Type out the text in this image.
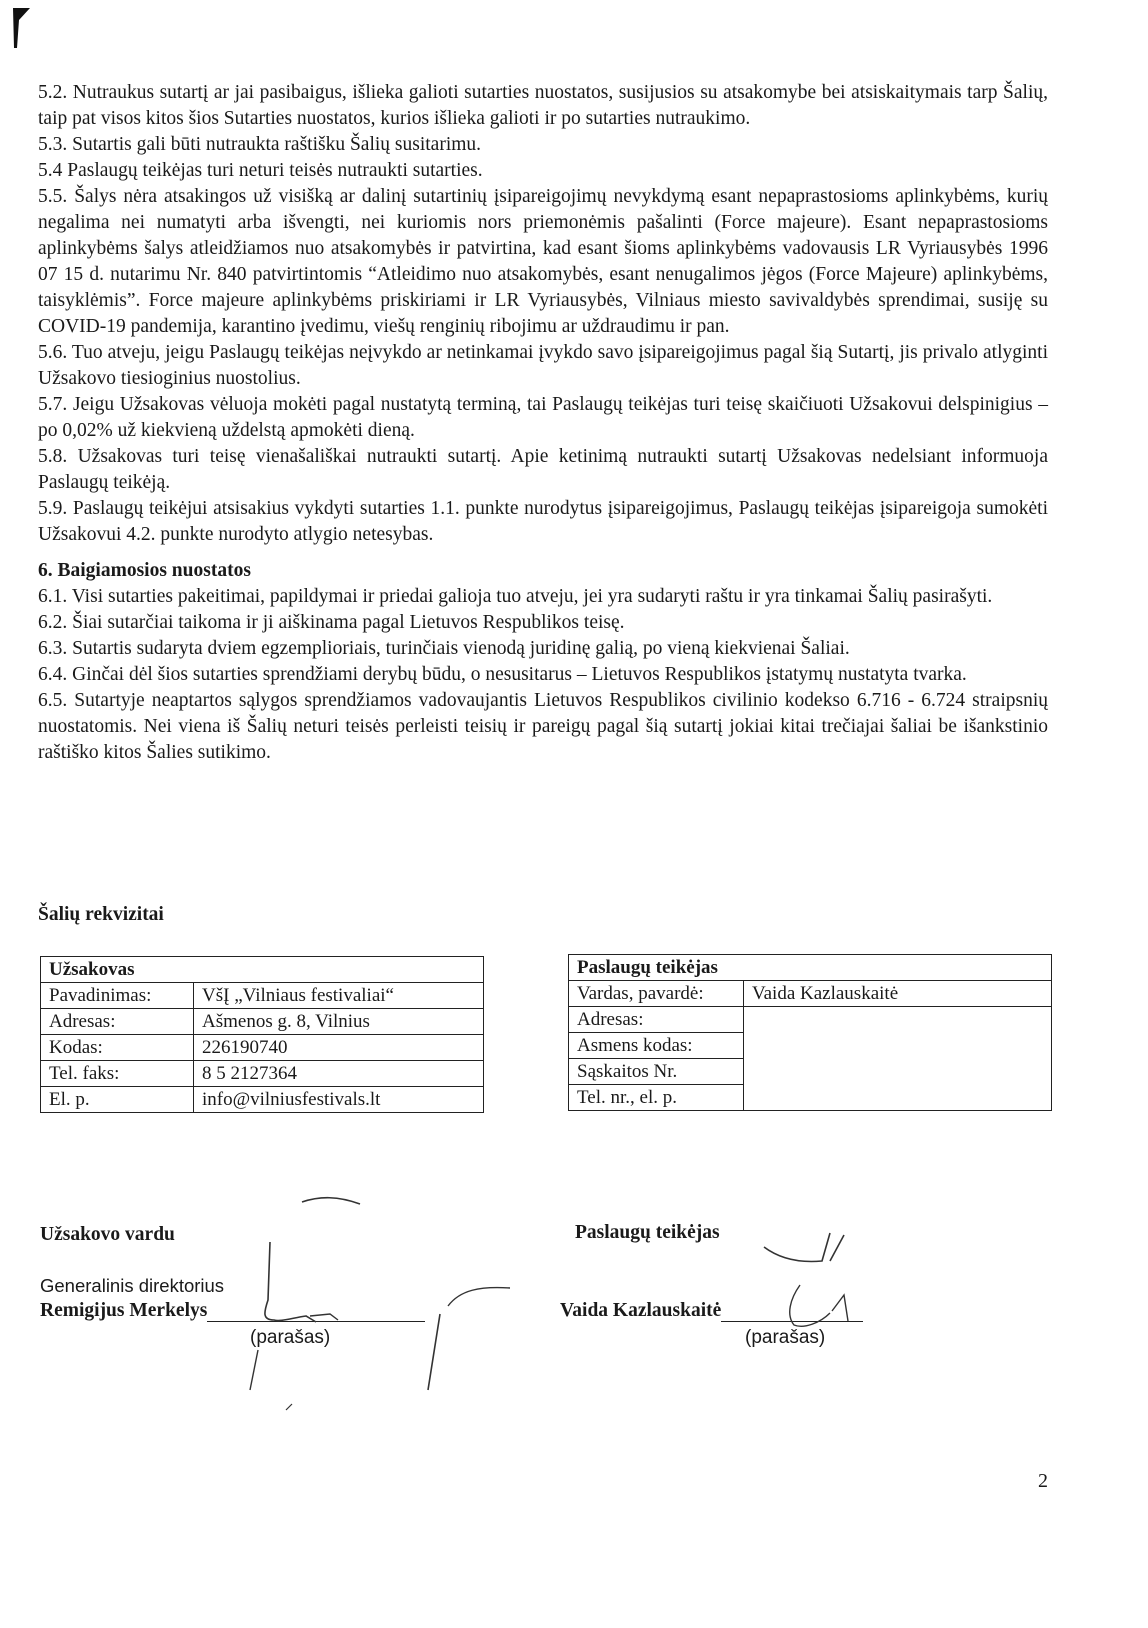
5.2. Nutraukus sutartį ar jai pasibaigus, išlieka galioti sutarties nuostatos, susijusios su atsakomybe bei atsiskaitymais tarp Šalių, taip pat visos kitos šios Sutarties nuostatos, kurios išlieka galioti ir po sutarties nutraukimo.

5.3. Sutartis gali būti nutraukta raštišku Šalių susitarimu.

5.4 Paslaugų teikėjas turi neturi teisės nutraukti sutarties.

5.5. Šalys nėra atsakingos už visišką ar dalinį sutartinių įsipareigojimų nevykdymą esant nepaprastosioms aplinkybėms, kurių negalima nei numatyti arba išvengti, nei kuriomis nors priemonėmis pašalinti (Force majeure). Esant nepaprastosioms aplinkybėms šalys atleidžiamos nuo atsakomybės ir patvirtina, kad esant šioms aplinkybėms vadovausis LR Vyriausybės 1996 07 15 d. nutarimu Nr. 840 patvirtintomis “Atleidimo nuo atsakomybės, esant nenugalimos jėgos (Force Majeure) aplinkybėms, taisyklėmis”. Force majeure aplinkybėms priskiriami ir LR Vyriausybės, Vilniaus miesto savivaldybės sprendimai, susiję su COVID-19 pandemija, karantino įvedimu, viešų renginių ribojimu ar uždraudimu ir pan.

5.6. Tuo atveju, jeigu Paslaugų teikėjas neįvykdo ar netinkamai įvykdo savo įsipareigojimus pagal šią Sutartį, jis privalo atlyginti Užsakovo tiesioginius nuostolius.

5.7. Jeigu Užsakovas vėluoja mokėti pagal nustatytą terminą, tai Paslaugų teikėjas turi teisę skaičiuoti Užsakovui delspinigius – po 0,02% už kiekvieną uždelstą apmokėti dieną.

5.8. Užsakovas turi teisę vienašališkai nutraukti sutartį. Apie ketinimą nutraukti sutartį Užsakovas nedelsiant informuoja Paslaugų teikėją.

5.9. Paslaugų teikėjui atsisakius vykdyti sutarties 1.1. punkte nurodytus įsipareigojimus, Paslaugų teikėjas įsipareigoja sumokėti Užsakovui 4.2. punkte nurodyto atlygio netesybas.

6. Baigiamosios nuostatos

6.1. Visi sutarties pakeitimai, papildymai ir priedai galioja tuo atveju, jei yra sudaryti raštu ir yra tinkamai Šalių pasirašyti.

6.2. Šiai sutarčiai taikoma ir ji aiškinama pagal Lietuvos Respublikos teisę.

6.3. Sutartis sudaryta dviem egzemplioriais, turinčiais vienodą juridinę galią, po vieną kiekvienai Šaliai.

6.4. Ginčai dėl šios sutarties sprendžiami derybų būdu, o nesusitarus – Lietuvos Respublikos įstatymų nustatyta tvarka.

6.5. Sutartyje neaptartos sąlygos sprendžiamos vadovaujantis Lietuvos Respublikos civilinio kodekso 6.716 - 6.724 straipsnių nuostatomis. Nei viena iš Šalių neturi teisės perleisti teisių ir pareigų pagal šią sutartį jokiai kitai trečiajai šaliai be išankstinio raštiško kitos Šalies sutikimo.

Šalių rekvizitai
Užsakovas	
Pavadinimas:	VšĮ „Vilniaus festivaliai“
Adresas:	Ašmenos g. 8, Vilnius
Kodas:	226190740
Tel. faks:	8 5 2127364
El. p.	info@vilniusfestivals.lt
Paslaugų teikėjas	
Vardas, pavardė:	Vaida Kazlauskaitė
Adresas:	
Asmens kodas:	
Sąskaitos Nr.	
Tel. nr., el. p.	
Užsakovo vardu
Generalinis direktorius
Remigijus Merkelys
(parašas)
Paslaugų teikėjas
Vaida Kazlauskaitė
(parašas)
2
